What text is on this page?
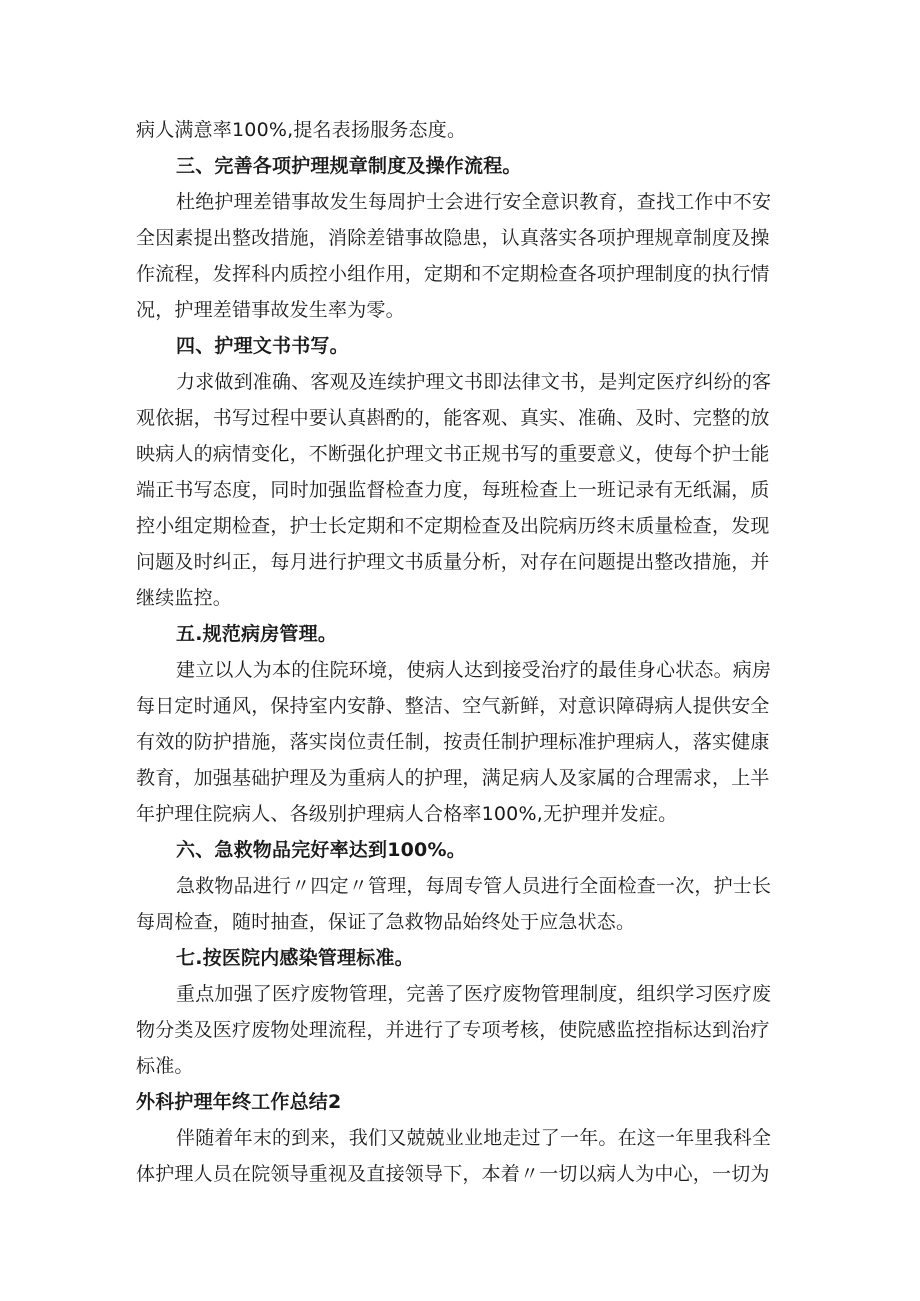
病人满意率100%,提名表扬服务态度。
三、完善各项护理规章制度及操作流程。
杜绝护理差错事故发生每周护士会进行安全意识教育，查找工作中不安
全因素提出整改措施，消除差错事故隐患，认真落实各项护理规章制度及操
作流程，发挥科内质控小组作用，定期和不定期检查各项护理制度的执行情
况，护理差错事故发生率为零。
四、护理文书书写。
力求做到准确、客观及连续护理文书即法律文书，是判定医疗纠纷的客
观依据，书写过程中要认真斟酌的，能客观、真实、准确、及时、完整的放
映病人的病情变化，不断强化护理文书正规书写的重要意义，使每个护士能
端正书写态度，同时加强监督检查力度，每班检查上一班记录有无纸漏，质
控小组定期检查，护士长定期和不定期检查及出院病历终末质量检查，发现
问题及时纠正，每月进行护理文书质量分析，对存在问题提出整改措施，并
继续监控。
五.规范病房管理。
建立以人为本的住院环境，使病人达到接受治疗的最佳身心状态。病房
每日定时通风，保持室内安静、整洁、空气新鲜，对意识障碍病人提供安全
有效的防护措施，落实岗位责任制，按责任制护理标准护理病人，落实健康
教育，加强基础护理及为重病人的护理，满足病人及家属的合理需求，上半
年护理住院病人、各级别护理病人合格率100%,无护理并发症。
六、急救物品完好率达到100%。
急救物品进行〃四定〃管理，每周专管人员进行全面检查一次，护士长
每周检查，随时抽查，保证了急救物品始终处于应急状态。
七.按医院内感染管理标准。
重点加强了医疗废物管理，完善了医疗废物管理制度，组织学习医疗废
物分类及医疗废物处理流程，并进行了专项考核，使院感监控指标达到治疗
标准。
外科护理年终工作总结2
伴随着年末的到来，我们又兢兢业业地走过了一年。在这一年里我科全
体护理人员在院领导重视及直接领导下，本着〃一切以病人为中心，一切为
